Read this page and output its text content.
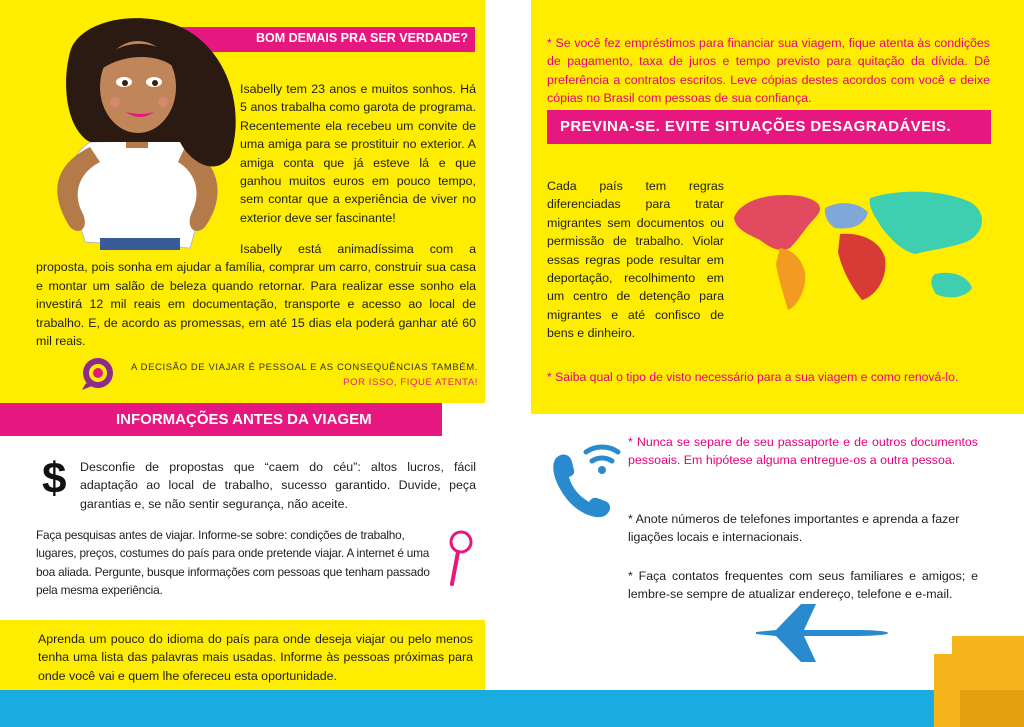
BOM DEMAIS PRA SER VERDADE?
Isabelly tem 23 anos e muitos sonhos. Há 5 anos trabalha como garota de programa. Recentemente ela recebeu um convite de uma amiga para se prostituir no exterior. A amiga conta que já esteve lá e que ganhou muitos euros em pouco tempo, sem contar que a experiência de viver no exterior deve ser fascinante!
Isabelly está animadíssima com a proposta, pois sonha em ajudar a família, comprar um carro, construir sua casa e montar um salão de beleza quando retornar. Para realizar esse sonho ela investirá 12 mil reais em documentação, transporte e acesso ao local de trabalho. E, de acordo as promessas, em até 15 dias ela poderá ganhar até 60 mil reais.
A DECISÃO DE VIAJAR É PESSOAL E AS CONSEQUÊNCIAS TAMBÉM.
POR ISSO, FIQUE ATENTA!
INFORMAÇÕES ANTES DA VIAGEM
$ Desconfie de propostas que “caem do céu”: altos lucros, fácil adaptação ao local de trabalho, sucesso garantido. Duvide, peça garantias e, se não sentir segurança, não aceite.
Faça pesquisas antes de viajar. Informe-se sobre: condições de trabalho, lugares, preços, costumes do país para onde pretende viajar. A internet é uma boa aliada. Pergunte, busque informações com pessoas que tenham passado pela mesma experiência.
Aprenda um pouco do idioma do país para onde deseja viajar ou pelo menos tenha uma lista das palavras mais usadas. Informe às pessoas próximas para onde você vai e quem lhe ofereceu esta oportunidade.
* Se você fez empréstimos para financiar sua viagem, fique atenta às condições de pagamento, taxa de juros e tempo previsto para quitação da dívida. Dê preferência a contratos escritos. Leve cópias destes acordos com você e deixe cópias no Brasil com pessoas de sua confiança.
PREVINA-SE. EVITE SITUAÇÕES DESAGRADÁVEIS.
Cada país tem regras diferenciadas para tratar migrantes sem documentos ou permissão de trabalho. Violar essas regras pode resultar em deportação, recolhimento em um centro de detenção para migrantes e até confisco de bens e dinheiro.
* Saiba qual o tipo de visto necessário para a sua viagem e como renová-lo.
* Nunca se separe de seu passaporte e de outros documentos pessoais. Em hipótese alguma entregue-os a outra pessoa.
* Anote números de telefones importantes e aprenda a fazer ligações locais e internacionais.
* Faça contatos frequentes com seus familiares e amigos; e lembre-se sempre de atualizar endereço, telefone e e-mail.
